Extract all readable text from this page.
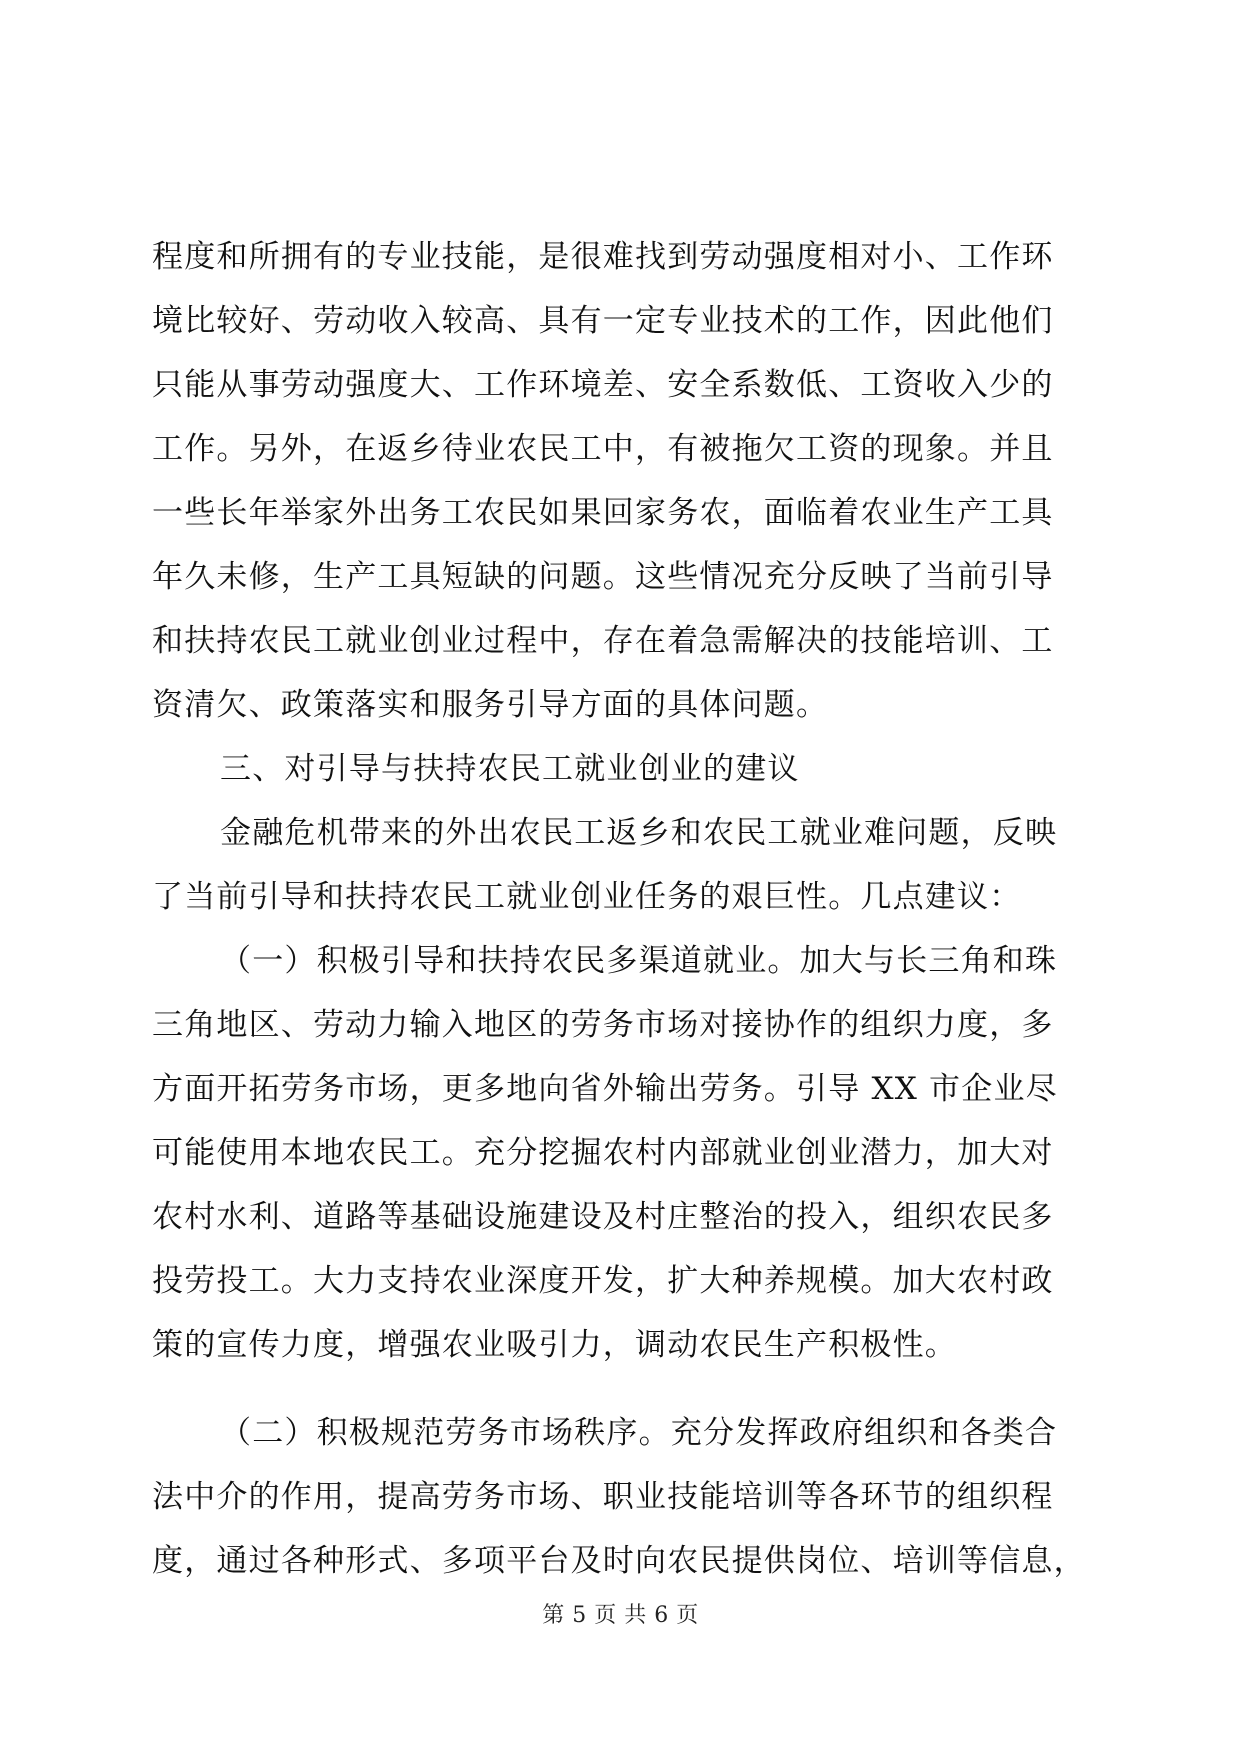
程度和所拥有的专业技能，是很难找到劳动强度相对小、工作环

境比较好、劳动收入较高、具有一定专业技术的工作，因此他们

只能从事劳动强度大、工作环境差、安全系数低、工资收入少的

工作。另外，在返乡待业农民工中，有被拖欠工资的现象。并且

一些长年举家外出务工农民如果回家务农，面临着农业生产工具

年久未修，生产工具短缺的问题。这些情况充分反映了当前引导

和扶持农民工就业创业过程中，存在着急需解决的技能培训、工

资清欠、政策落实和服务引导方面的具体问题。

三、对引导与扶持农民工就业创业的建议

金融危机带来的外出农民工返乡和农民工就业难问题，反映

了当前引导和扶持农民工就业创业任务的艰巨性。几点建议：

（一）积极引导和扶持农民多渠道就业。加大与长三角和珠

三角地区、劳动力输入地区的劳务市场对接协作的组织力度，多

方面开拓劳务市场，更多地向省外输出劳务。引导 XX 市企业尽

可能使用本地农民工。充分挖掘农村内部就业创业潜力，加大对

农村水利、道路等基础设施建设及村庄整治的投入，组织农民多

投劳投工。大力支持农业深度开发，扩大种养规模。加大农村政

策的宣传力度，增强农业吸引力，调动农民生产积极性。

（二）积极规范劳务市场秩序。充分发挥政府组织和各类合

法中介的作用，提高劳务市场、职业技能培训等各环节的组织程

度，通过各种形式、多项平台及时向农民提供岗位、培训等信息，

第 5 页 共 6 页
